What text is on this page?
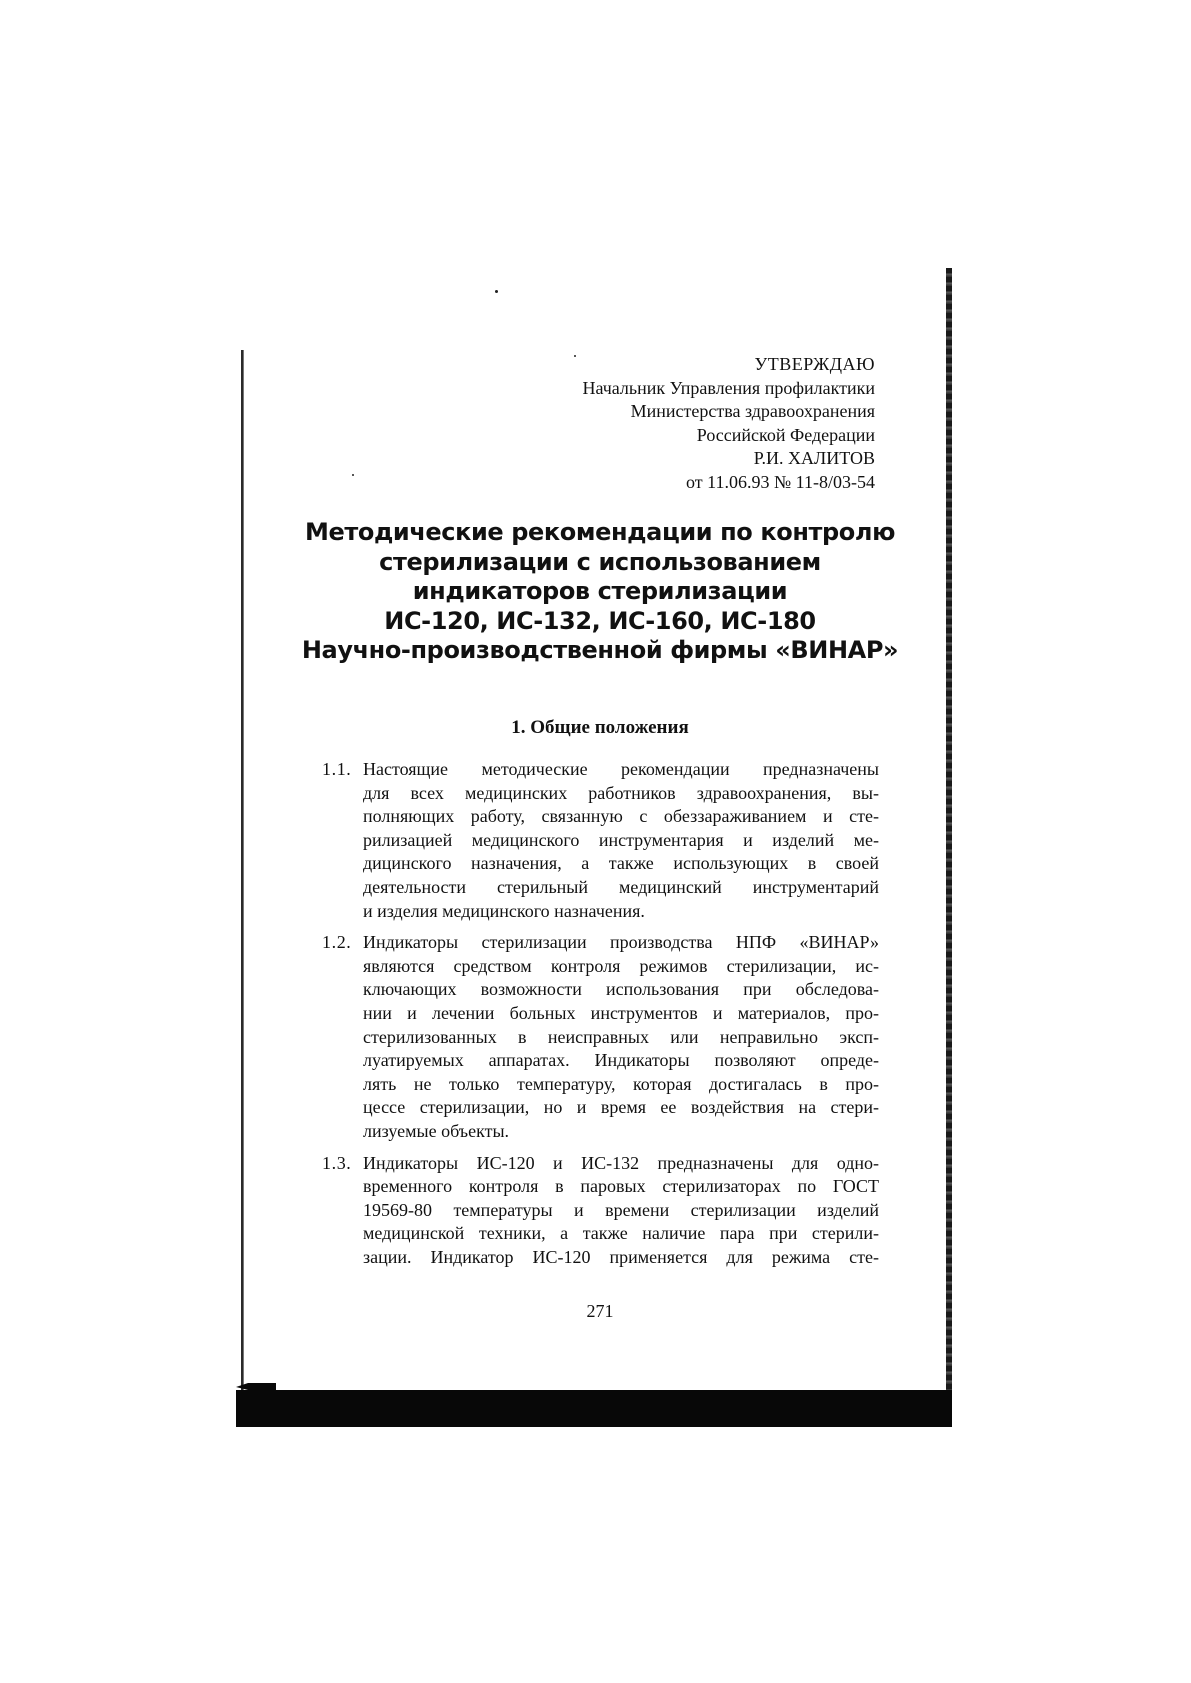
УТВЕРЖДАЮ
Начальник Управления профилактики
Министерства здравоохранения
Российской Федерации
Р.И. ХАЛИТОВ
от 11.06.93 № 11-8/03-54
Методические рекомендации по контролю
стерилизации с использованием
индикаторов стерилизации
ИС-120, ИС-132, ИС-160, ИС-180
Научно-производственной фирмы «ВИНАР»
1. Общие положения
1.1. Настоящие методические рекомендации предназначены
для всех медицинских работников здравоохранения, вы-
полняющих работу, связанную с обеззараживанием и сте-
рилизацией медицинского инструментария и изделий ме-
дицинского назначения, а также использующих в своей
деятельности стерильный медицинский инструментарий
и изделия медицинского назначения.
1.2. Индикаторы стерилизации производства НПФ «ВИНАР»
являются средством контроля режимов стерилизации, ис-
ключающих возможности использования при обследова-
нии и лечении больных инструментов и материалов, про-
стерилизованных в неисправных или неправильно эксп-
луатируемых аппаратах. Индикаторы позволяют опреде-
лять не только температуру, которая достигалась в про-
цессе стерилизации, но и время ее воздействия на стери-
лизуемые объекты.
1.3. Индикаторы ИС-120 и ИС-132 предназначены для одно-
временного контроля в паровых стерилизаторах по ГОСТ
19569-80 температуры и времени стерилизации изделий
медицинской техники, а также наличие пара при стерили-
зации. Индикатор ИС-120 применяется для режима сте-
271
